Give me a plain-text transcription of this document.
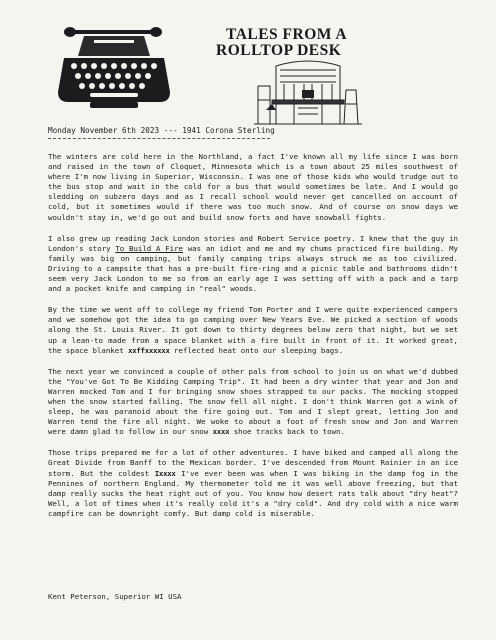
TALES FROM A
ROLLTOP DESK
Monday November 6th 2023 --- 1941 Corona Sterling

The winters are cold here in the Northland, a fact I've known all my life since I was born and raised in the town of Cloquet, Minnesota which is a town about 25 miles southwest of where I'm now living in Superior, Wisconsin. I was one of those kids who would trudge out to the bus stop and wait in the cold for a bus that would sometimes be late. And I would go sledding on subzero days and as I recall school would never get cancelled on account of cold, but it sometimes would if there was too much snow. And of course on snow days we wouldn't stay in, we'd go out and build snow forts and have snowball fights.

I also grew up reading Jack London stories and Robert Service poetry. I knew that the guy in London's story To Build A Fire was an idiot and me and my chums practiced fire building. My family was big on camping, but family camping trips always struck me as too civilized. Driving to a campsite that has a pre-built fire-ring and a picnic table and bathrooms didn't seem very Jack London to me so from an early age I was setting off with a pack and a tarp and a pocket knife and camping in "real" woods.

By the time we went off to college my friend Tom Porter and I were quite experienced campers and we somehow got the idea to go camping over New Years Eve. We picked a section of woods along the St. Louis River. It got down to thirty degrees below zero that night, but we set up a lean-to made from a space blanket with a fire built in front of it. It worked great, the space blanket xxffxxxxxx reflected heat onto our sleeping bags.

The next year we convinced a couple of other pals from school to join us on what we'd dubbed the "You've Got To Be Kidding Camping Trip". It had been a dry winter that year and Jon and Warren mocked Tom and I for bringing snow shoes strapped to our packs. The mocking stopped when the snow started falling. The snow fell all night. I don't think Warren got a wink of sleep, he was paranoid about the fire going out. Tom and I slept great, letting Jon and Warren tend the fire all night. We woke to about a foot of fresh snow and Jon and Warren were damn glad to follow in our snow xxxx shoe tracks back to town.

Those trips prepared me for a lot of other adventures. I have biked and camped all along the Great Divide from Banff to the Mexican border. I've descended from Mount Rainier in an ice storm. But the coldest Ixxxx I've ever been was when I was biking in the damp fog in the Pennines of northern England. My thermometer told me it was well above freezing, but that damp really sucks the heat right out of you. You know how desert rats talk about "dry heat"? Well, a lot of times when it's really cold it's a "dry cold". And dry cold with a nice warm campfire can be downright comfy. But damp cold is miserable.

Kent Peterson, Superior WI USA
